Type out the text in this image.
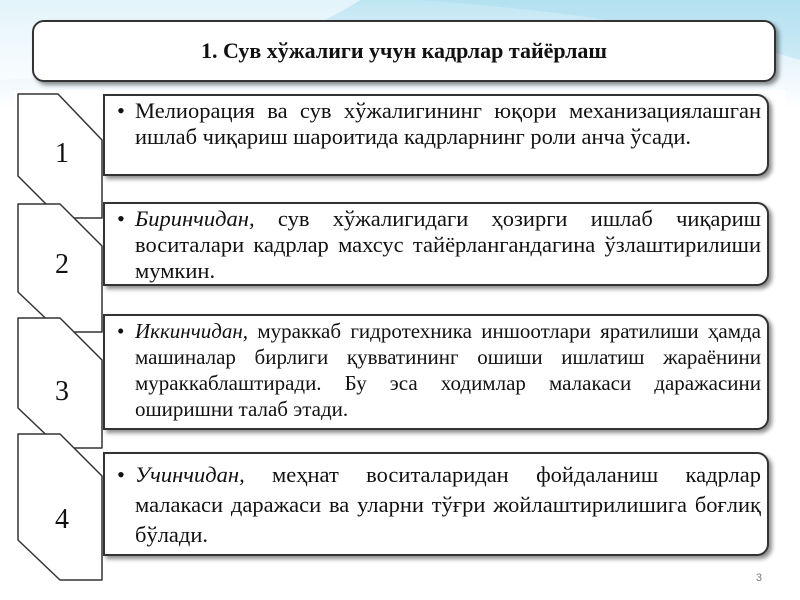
1. Сув хўжалиги учун кадрлар тайёрлаш
1
2
3
4

• Мелиорация ва сув хўжалигининг юқори механизациялашган ишлаб чиқариш шароитида кадрларнинг роли анча ўсади.

• Биринчидан, сув хўжалигидаги ҳозирги ишлаб чиқариш воситалари кадрлар махсус тайёрлангандагина ўзлаштирилиши мумкин.

• Иккинчидан, мураккаб гидротехника иншоотлари яратилиши ҳамда машиналар бирлиги қувватининг ошиши ишлатиш жараёнини мураккаблаштиради. Бу эса ходимлар малакаси даражасини оширишни талаб этади.

• Учинчидан, меҳнат воситаларидан фойдаланиш кадрлар малакаси даражаси ва уларни тўғри жойлаштирилишига боғлиқ бўлади.

3
